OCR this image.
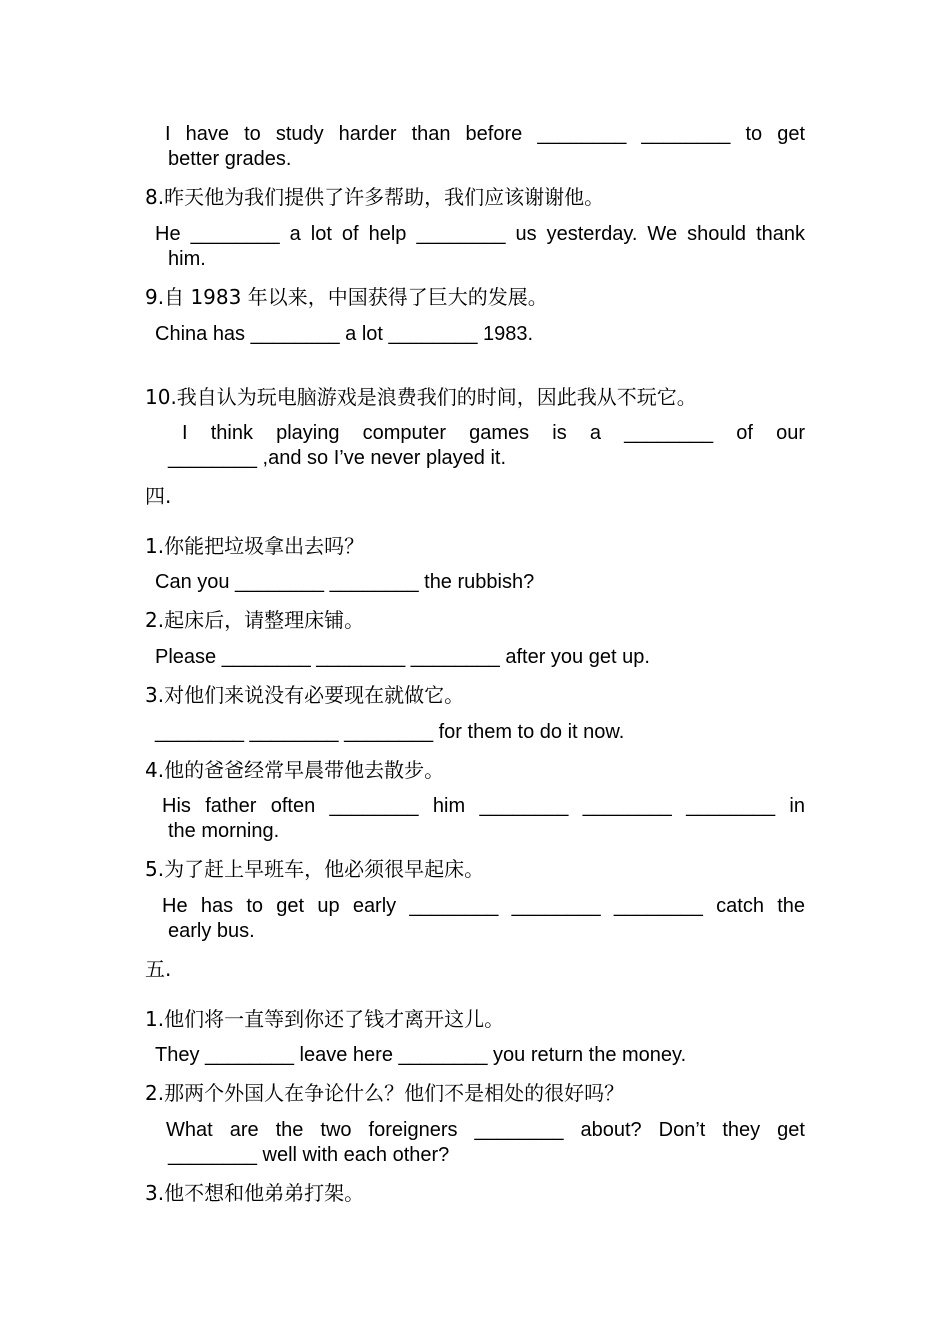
I have to study harder than before ________ ________ to get
better grades.
8.昨天他为我们提供了许多帮助，我们应该谢谢他。
He ________ a lot of help ________ us yesterday. We should thank
him.
9.自 1983 年以来，中国获得了巨大的发展。
China has ________ a lot ________ 1983.
10.我自认为玩电脑游戏是浪费我们的时间，因此我从不玩它。
I think playing computer games is a ________ of our
________ ,and so I’ve never played it.
四.
1.你能把垃圾拿出去吗？
Can you ________ ________ the rubbish?
2.起床后，请整理床铺。
Please ________ ________ ________ after you get up.
3.对他们来说没有必要现在就做它。
________ ________ ________ for them to do it now.
4.他的爸爸经常早晨带他去散步。
His father often ________ him ________ ________ ________ in
the morning.
5.为了赶上早班车，他必须很早起床。
He has to get up early ________ ________ ________ catch the
early bus.
五.
1.他们将一直等到你还了钱才离开这儿。
They ________ leave here ________ you return the money.
2.那两个外国人在争论什么？他们不是相处的很好吗？
What are the two foreigners ________ about? Don’t they get
________ well with each other?
3.他不想和他弟弟打架。
